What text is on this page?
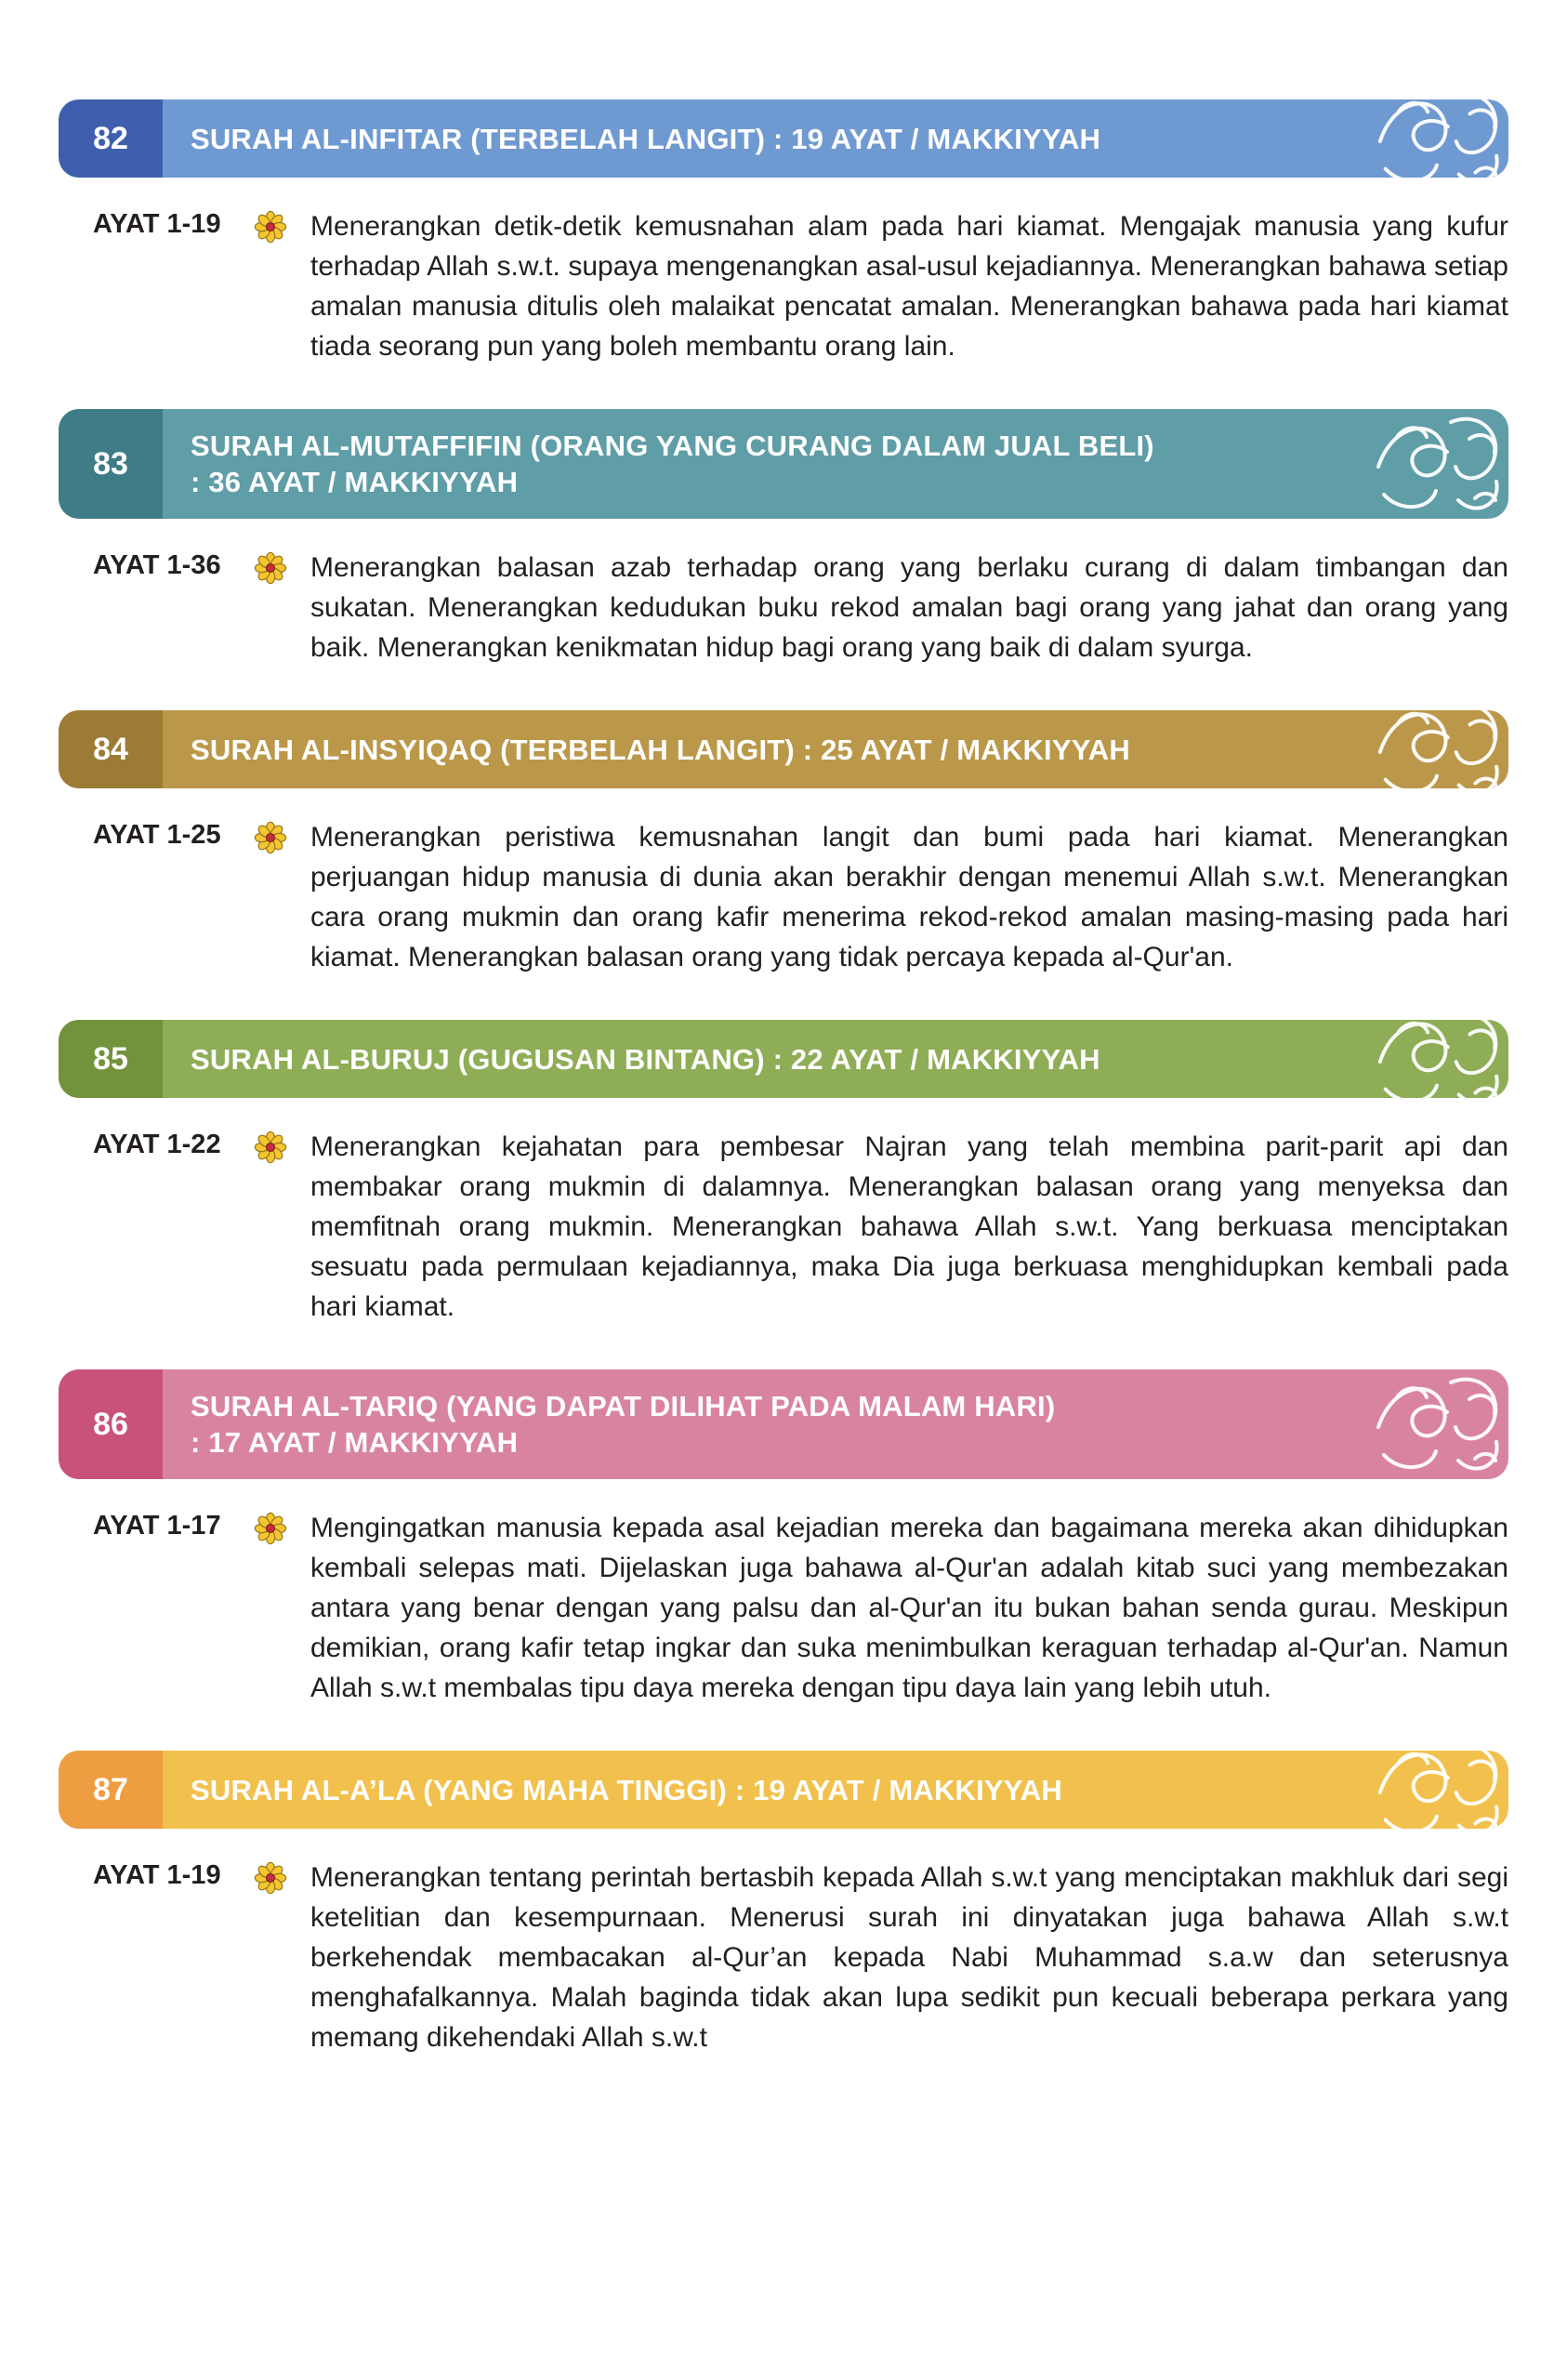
82 SURAH AL-INFITAR (TERBELAH LANGIT) : 19 AYAT / MAKKIYYAH
AYAT 1-19	Menerangkan detik-detik kemusnahan alam pada hari kiamat. Mengajak manusia yang kufur terhadap Allah s.w.t. supaya mengenangkan asal-usul kejadiannya. Menerangkan bahawa setiap amalan manusia ditulis oleh malaikat pencatat amalan. Menerangkan bahawa pada hari kiamat tiada seorang pun yang boleh membantu orang lain.

83 SURAH AL-MUTAFFIFIN (ORANG YANG CURANG DALAM JUAL BELI)
: 36 AYAT / MAKKIYYAH
AYAT 1-36	Menerangkan balasan azab terhadap orang yang berlaku curang di dalam timbangan dan sukatan. Menerangkan kedudukan buku rekod amalan bagi orang yang jahat dan orang yang baik. Menerangkan kenikmatan hidup bagi orang yang baik di dalam syurga.

84 SURAH AL-INSYIQAQ (TERBELAH LANGIT) : 25 AYAT / MAKKIYYAH
AYAT 1-25	Menerangkan peristiwa kemusnahan langit dan bumi pada hari kiamat. Menerangkan perjuangan hidup manusia di dunia akan berakhir dengan menemui Allah s.w.t. Menerangkan cara orang mukmin dan orang kafir menerima rekod-rekod amalan masing-masing pada hari kiamat. Menerangkan balasan orang yang tidak percaya kepada al-Qur'an.

85 SURAH AL-BURUJ (GUGUSAN BINTANG) : 22 AYAT / MAKKIYYAH
AYAT 1-22	Menerangkan kejahatan para pembesar Najran yang telah membina parit-parit api dan membakar orang mukmin di dalamnya. Menerangkan balasan orang yang menyeksa dan memfitnah orang mukmin. Menerangkan bahawa Allah s.w.t. Yang berkuasa menciptakan sesuatu pada permulaan kejadiannya, maka Dia juga berkuasa menghidupkan kembali pada hari kiamat.

86 SURAH AL-TARIQ (YANG DAPAT DILIHAT PADA MALAM HARI)
: 17 AYAT / MAKKIYYAH
AYAT 1-17	Mengingatkan manusia kepada asal kejadian mereka dan bagaimana mereka akan dihidupkan kembali selepas mati. Dijelaskan juga bahawa al-Qur'an adalah kitab suci yang membezakan antara yang benar dengan yang palsu dan al-Qur'an itu bukan bahan senda gurau. Meskipun demikian, orang kafir tetap ingkar dan suka menimbulkan keraguan terhadap al-Qur'an. Namun Allah s.w.t membalas tipu daya mereka dengan tipu daya lain yang lebih utuh.

87 SURAH AL-A’LA (YANG MAHA TINGGI) : 19 AYAT / MAKKIYYAH
AYAT 1-19	Menerangkan tentang perintah bertasbih kepada Allah s.w.t yang menciptakan makhluk dari segi ketelitian dan kesempurnaan. Menerusi surah ini dinyatakan juga bahawa Allah s.w.t berkehendak membacakan al-Qur’an kepada Nabi Muhammad s.a.w dan seterusnya menghafalkannya. Malah baginda tidak akan lupa sedikit pun kecuali beberapa perkara yang memang dikehendaki Allah s.w.t
